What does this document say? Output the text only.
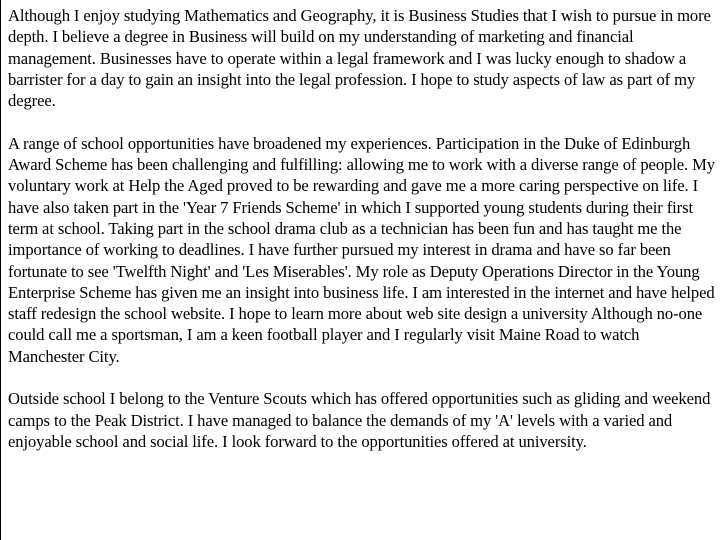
Although I enjoy studying Mathematics and Geography, it is Business Studies that I wish to pursue in more depth. I believe a degree in Business will build on my understanding of marketing and financial management. Businesses have to operate within a legal framework and I was lucky enough to shadow a barrister for a day to gain an insight into the legal profession. I hope to study aspects of law as part of my degree.

A range of school opportunities have broadened my experiences. Participation in the Duke of Edinburgh Award Scheme has been challenging and fulfilling: allowing me to work with a diverse range of people. My voluntary work at Help the Aged proved to be rewarding and gave me a more caring perspective on life. I have also taken part in the 'Year 7 Friends Scheme' in which I supported young students during their first term at school. Taking part in the school drama club as a technician has been fun and has taught me the importance of working to deadlines. I have further pursued my interest in drama and have so far been fortunate to see 'Twelfth Night' and 'Les Miserables'. My role as Deputy Operations Director in the Young Enterprise Scheme has given me an insight into business life. I am interested in the internet and have helped staff redesign the school website. I hope to learn more about web site design a university Although no-one could call me a sportsman, I am a keen football player and I regularly visit Maine Road to watch Manchester City.

Outside school I belong to the Venture Scouts which has offered opportunities such as gliding and weekend camps to the Peak District. I have managed to balance the demands of my 'A' levels with a varied and enjoyable school and social life. I look forward to the opportunities offered at university.
